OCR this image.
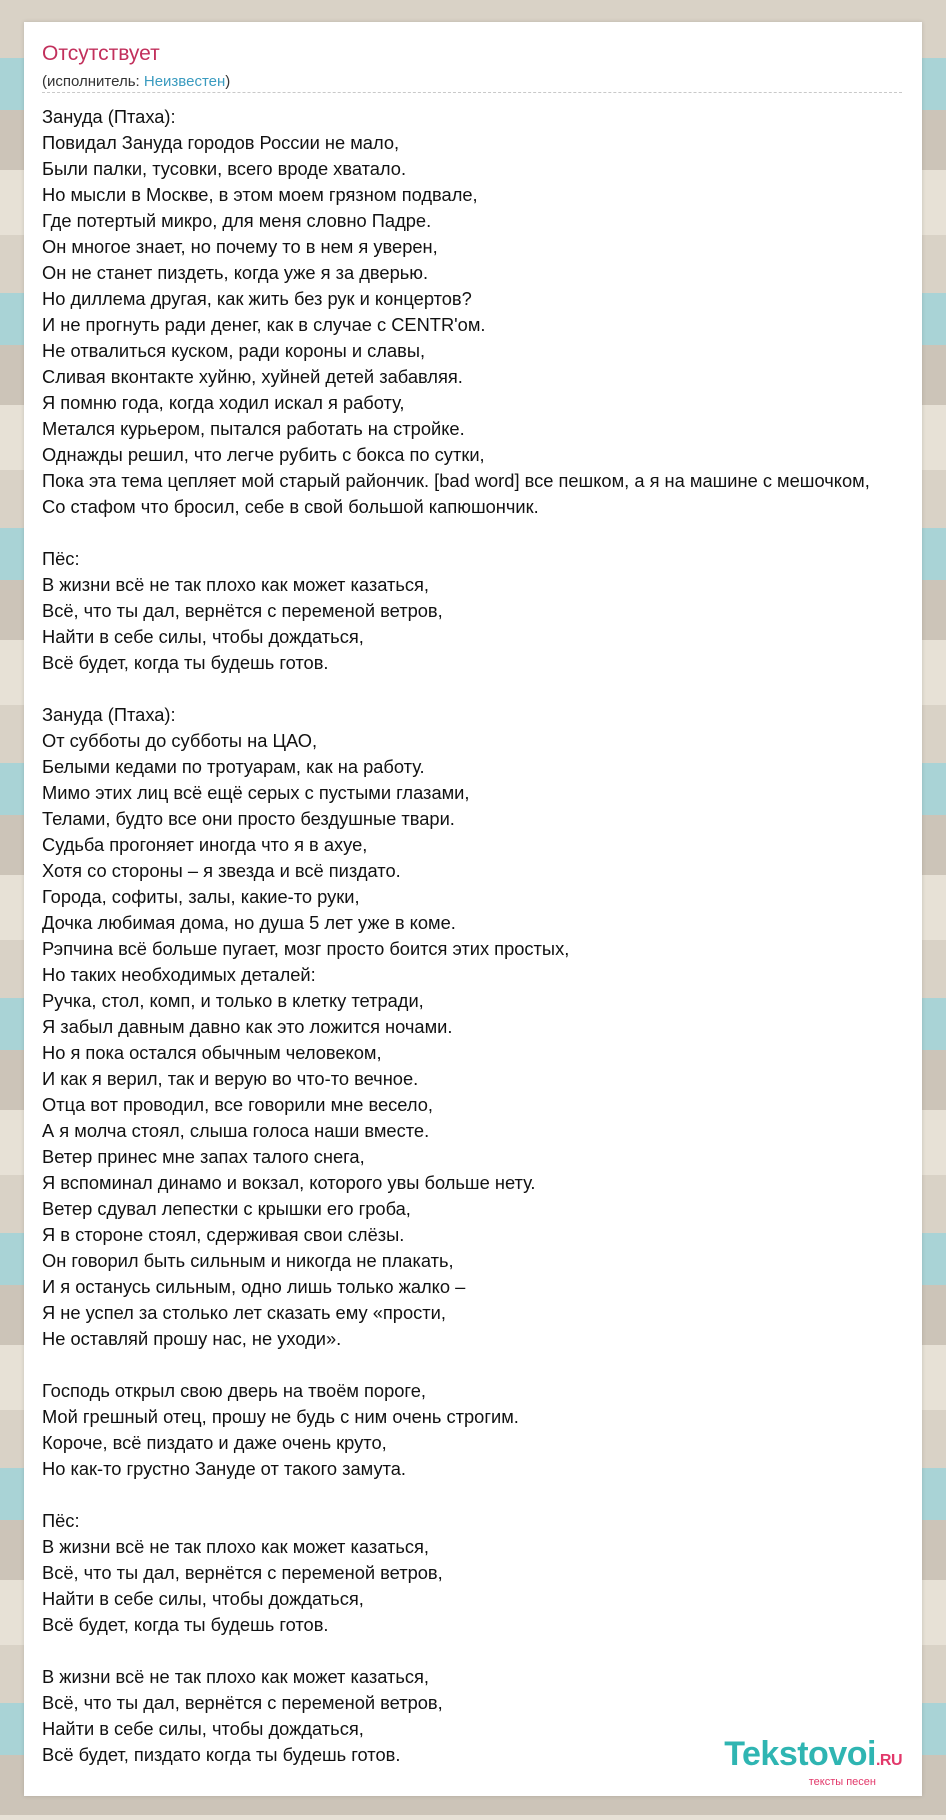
Отсутствует
(исполнитель: Неизвестен)
Зануда (Птаха):
Повидал Зануда городов России не мало,
Были палки, тусовки, всего вроде хватало.
Но мысли в Москве, в этом моем грязном подвале,
Где потертый микро, для меня словно Падре.
Он многое знает, но почему то в нем я уверен,
Он не станет пиздеть, когда уже я за дверью.
Но диллема другая, как жить без рук и концертов?
И не прогнуть ради денег, как в случае с CENTR'ом.
Не отвалиться куском, ради короны и славы,
Сливая вконтакте хуйню, хуйней детей забавляя.
Я помню года, когда ходил искал я работу,
Метался курьером, пытался работать на стройке.
Однажды решил, что легче рубить с бокса по сутки,
Пока эта тема цепляет мой старый райончик. [bad word] все пешком, а я на машине с мешочком,
Со стафом что бросил, себе в свой большой капюшончик.
Пёс:
В жизни всё не так плохо как может казаться,
Всё, что ты дал, вернётся с переменой ветров,
Найти в себе силы, чтобы дождаться,
Всё будет, когда ты будешь готов.
Зануда (Птаха):
От субботы до субботы на ЦАО,
Белыми кедами по тротуарам, как на работу.
Мимо этих лиц всё ещё серых с пустыми глазами,
Телами, будто все они просто бездушные твари.
Судьба прогоняет иногда что я в ахуе,
Хотя со стороны – я звезда и всё пиздато.
Города, софиты, залы, какие-то руки,
Дочка любимая дома, но душа 5 лет уже в коме.
Рэпчина всё больше пугает, мозг просто боится этих простых,
Но таких необходимых деталей:
Ручка, стол, комп, и только в клетку тетради,
Я забыл давным давно как это ложится ночами.
Но я пока остался обычным человеком,
И как я верил, так и верую во что-то вечное.
Отца вот проводил, все говорили мне весело,
А я молча стоял, слыша голоса наши вместе.
Ветер принес мне запах талого снега,
Я вспоминал динамо и вокзал, которого увы больше нету.
Ветер сдувал лепестки с крышки его гроба,
Я в стороне стоял, сдерживая свои слёзы.
Он говорил быть сильным и никогда не плакать,
И я останусь сильным, одно лишь только жалко –
Я не успел за столько лет сказать ему «прости,
Не оставляй прошу нас, не уходи».
Господь открыл свою дверь на твоём пороге,
Мой грешный отец, прошу не будь с ним очень строгим.
Короче, всё пиздато и даже очень круто,
Но как-то грустно Зануде от такого замута.
Пёс:
В жизни всё не так плохо как может казаться,
Всё, что ты дал, вернётся с переменой ветров,
Найти в себе силы, чтобы дождаться,
Всё будет, когда ты будешь готов.
В жизни всё не так плохо как может казаться,
Всё, что ты дал, вернётся с переменой ветров,
Найти в себе силы, чтобы дождаться,
Всё будет, пиздато когда ты будешь готов.	Tekstovoi.RU
тексты песен
